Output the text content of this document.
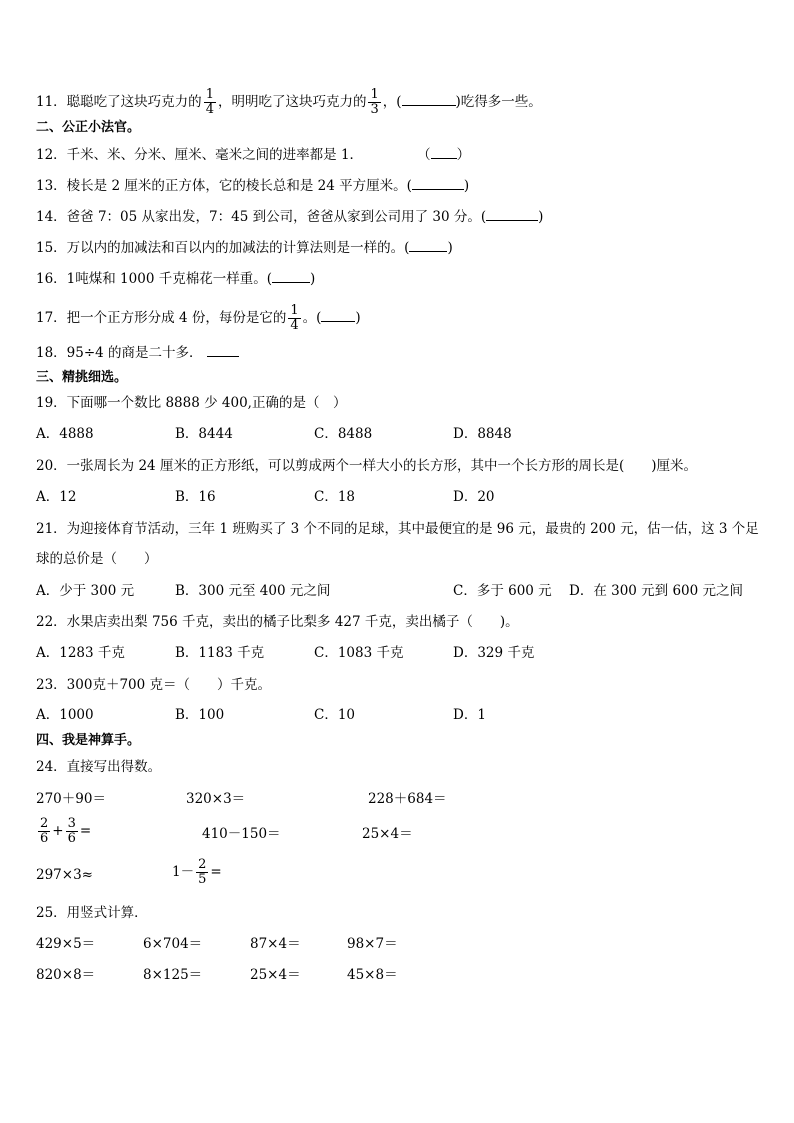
11．聪聪吃了这块巧克力的 $\frac{1}{4}$ ，明明吃了这块巧克力的 $\frac{1}{3}$ ，(	)吃得多一些。
二、公正小法官。
12．千米、米、分米、厘米、毫米之间的进率都是 1．	（ ）
13．棱长是 2 厘米的正方体，它的棱长总和是 24 平方厘米。(	)
14．爸爸 7：05 从家出发，7：45 到公司，爸爸从家到公司用了 30 分。(	)
15．万以内的加减法和百以内的加减法的计算法则是一样的。(	)
16．1吨煤和 1000 千克棉花一样重。(	)
17．把一个正方形分成 4 份，每份是它的 $\frac{1}{4}$ 。(	)
18．95÷4 的商是二十多．
三、精挑细选。
19．下面哪一个数比 8888 少 400,正确的是（　）
A．4888	B．8444	C．8488	D．8848
20．一张周长为 24 厘米的正方形纸，可以剪成两个一样大小的长方形，其中一个长方形的周长是(　　)厘米。
A．12	B．16	C．18	D．20
21．为迎接体育节活动，三年 1 班购买了 3 个不同的足球，其中最便宜的是 96 元，最贵的 200 元，估一估，这 3 个足
球的总价是（　　）
A．少于 300 元	B．300 元至 400 元之间	C．多于 600 元 D．在 300 元到 600 元之间
22．水果店卖出梨 756 千克，卖出的橘子比梨多 427 千克，卖出橘子（　　)。
A．1283 千克	B．1183 千克	C．1083 千克	D．329 千克
23．300克＋700 克＝（　　）千克。
A．1000	B．100	C．10	D．1
四、我是神算手。
24．直接写出得数。
270＋90＝	320×3＝	228＋684＝
$\frac{2}{6} + \frac{3}{6}$ =	410－150＝	25×4＝
297×3≈	$1- \frac{2}{5}$ =
25．用竖式计算．
429×5＝	6×704＝	87×4＝	98×7＝
820×8＝	8×125＝	25×4＝	45×8＝
